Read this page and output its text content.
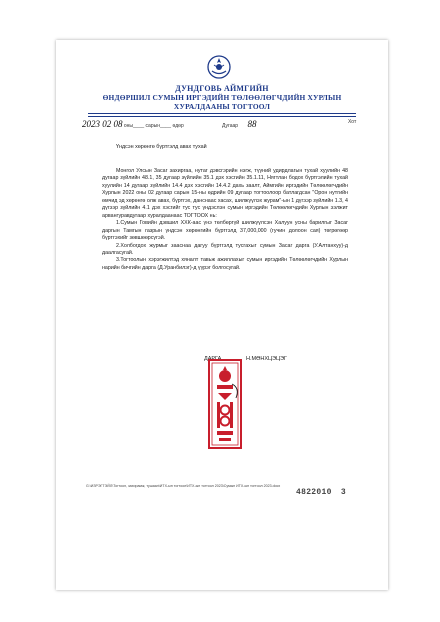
ДУНДГОВЬ АЙМГИЙН
ӨНДӨРШИЛ СУМЫН ИРГЭДИЙН ТӨЛӨӨЛӨГЧДИЙН ХУРЛЫН
ХУРАЛДААНЫ ТОГТООЛ
2023 02 08 оны____ сарын____ өдөр	Дугаар 88	Хот
Үндсэн хөрөнгө бүртгэлд авах тухай

Монгол Улсын Засаг захиргаа, нутаг дэвсгэрийн нэгж, түүний удирдлагын тухай хуулийн 48 дугаар зүйлийн 48.1, 35 дугаар зүйлийн 35.1 дэх хэсгийн 35.1.11, Нягтлан бодох бүртгэлийн тухай хуулийн 14 дугаар зүйлийн 14.4 дэх хэсгийн 14.4.2 дахь заалт, Аймгийн иргэдийн Төлөөлөгчдийн Хурлын 2022 оны 02 дугаар сарын 15-ны өдрийн 09 дугаар тогтоолоор батлагдсан "Орон нутгийн өмчид эд хөрөнгө олж авах, бүртгэх, данснаас хасах, шилжүүлэх журам"-ын 1 дүгээр зүйлийн 1.3, 4 дүгээр зүйлийн 4.1 дэх хэсгийг тус тус үндэслэн сумын иргэдийн Төлөөлөгчдийн Хурлын ээлжит арвангуравдугаар хуралдаанаас ТОГТООХ нь:

1.Сумын Говийн дэвшил ХХК-аас үнэ төлбөргүй шилжүүлсэн Халуун усны барилгыг Засаг даргын Тамгын газрын үндсэн хөрөнгийн бүртгэлд 37,000,000 (гучин долоон сая) төгрөгөөр бүртгэхийг зөвшөөрсүгэй.

2.Холбогдох журмыг зааснаа дагуу бүртгэлд тусгахыг сумын Засаг дарга (У.Алтанхуу)-д даалгасугай.

3.Тогтоолын хэрэгжилтэд хяналт тавьж ажиллахыг сумын иргэдийн Төлөөлөгчдийн Хурлын нарийн бичгийн дарга (Д.Уранбилэг)-д үүрэг болгосугай.

ДАРГА	Н.МӨНХЦЭЦЭГ
G:\ИЗРЭГТЭЙЛ\Тогтоол, захирамж, тушаал\ИТХ-ын тогтоол\ИТХ-ын тогтоол 2023\Сумын ИТХ-ын тогтоол 2023.docx
4822010 3
